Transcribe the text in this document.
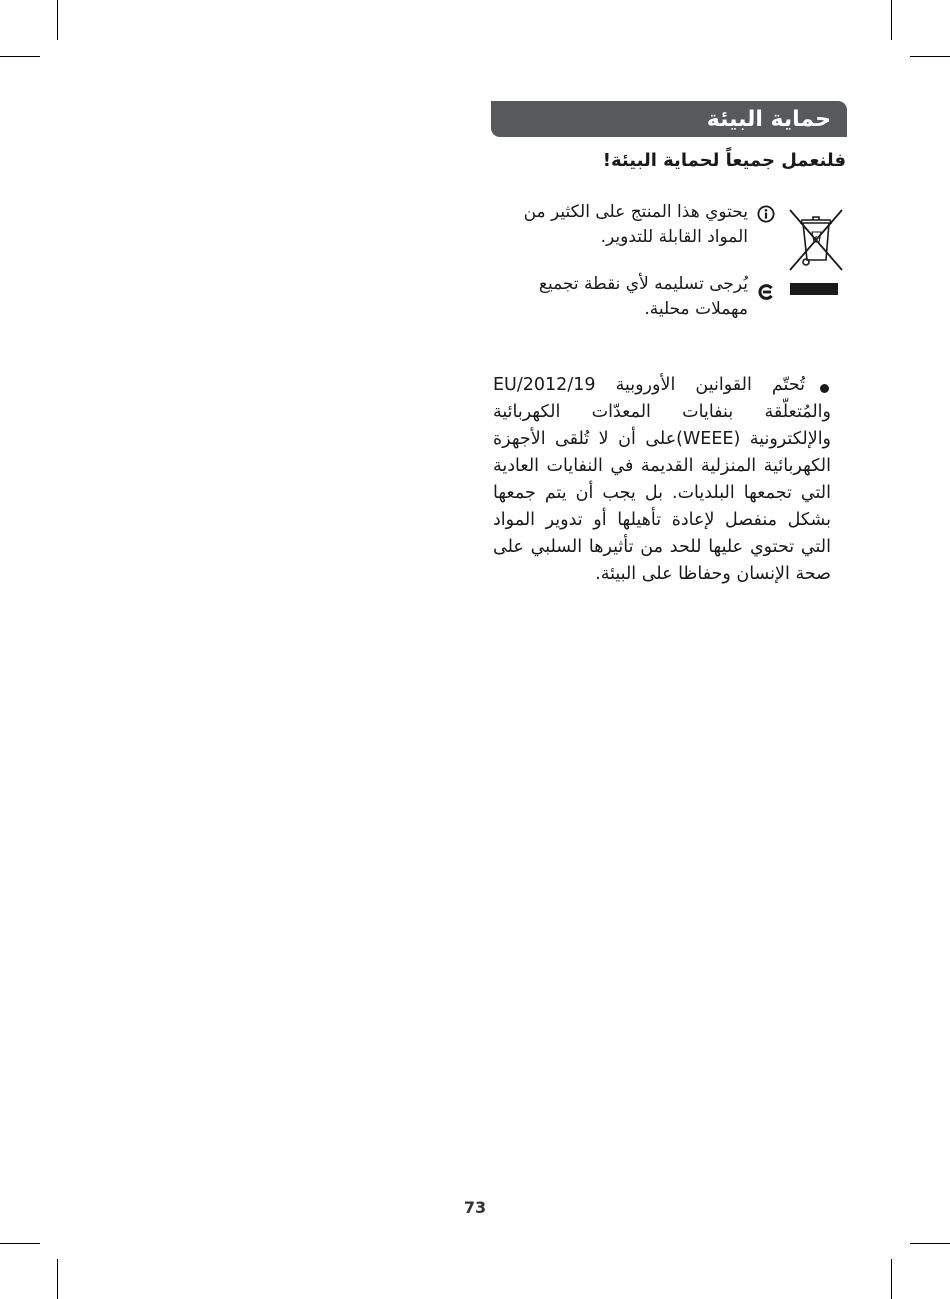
حماية البيئة
فلنعمل جميعاً لحماية البيئة!
يحتوي هذا المنتج على الكثير من المواد القابلة للتدوير.
يُرجى تسليمه لأي نقطة تجميع مهملات محلية.
تُحتّم القوانين الأوروبية 2012/19/EU والمُتعلّقة بنفايات المعدّات الكهربائية والإلكترونية (WEEE)على أن لا تُلقى الأجهزة الكهربائية المنزلية القديمة في النفايات العادية التي تجمعها البلديات. بل يجب أن يتم جمعها بشكل منفصل لإعادة تأهيلها أو تدوير المواد التي تحتوي عليها للحد من تأثيرها السلبي على صحة الإنسان وحفاظا على البيئة.
73
